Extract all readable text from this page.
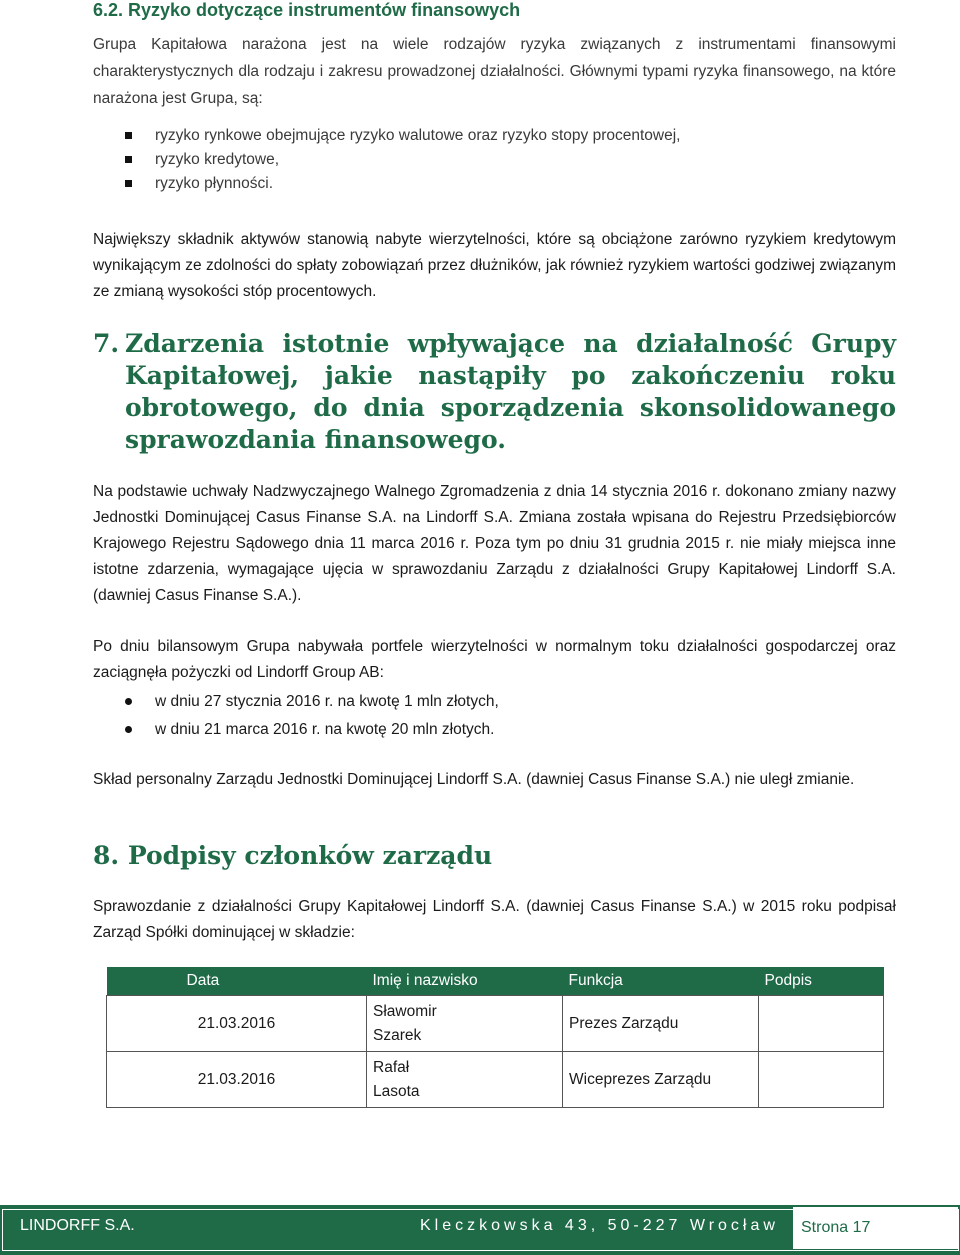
6.2. Ryzyko dotyczące instrumentów finansowych
Grupa Kapitałowa narażona jest na wiele rodzajów ryzyka związanych z instrumentami finansowymi charakterystycznych dla rodzaju i zakresu prowadzonej działalności. Głównymi typami ryzyka finansowego, na które narażona jest Grupa, są:
ryzyko rynkowe obejmujące ryzyko walutowe oraz ryzyko stopy procentowej,
ryzyko kredytowe,
ryzyko płynności.
Największy składnik aktywów stanowią nabyte wierzytelności, które są obciążone zarówno ryzykiem kredytowym wynikającym ze zdolności do spłaty zobowiązań przez dłużników, jak również ryzykiem wartości godziwej związanym ze zmianą wysokości stóp procentowych.
7. Zdarzenia istotnie wpływające na działalność Grupy Kapitałowej, jakie nastąpiły po zakończeniu roku obrotowego, do dnia sporządzenia skonsolidowanego sprawozdania finansowego.
Na podstawie uchwały Nadzwyczajnego Walnego Zgromadzenia z dnia 14 stycznia 2016 r. dokonano zmiany nazwy Jednostki Dominującej Casus Finanse S.A. na Lindorff S.A. Zmiana została wpisana do Rejestru Przedsiębiorców Krajowego Rejestru Sądowego dnia 11 marca 2016 r. Poza tym po dniu 31 grudnia 2015 r. nie miały miejsca inne istotne zdarzenia, wymagające ujęcia w sprawozdaniu Zarządu z działalności Grupy Kapitałowej Lindorff S.A. (dawniej Casus Finanse S.A.).
Po dniu bilansowym Grupa nabywała portfele wierzytelności w normalnym toku działalności gospodarczej oraz zaciągnęła pożyczki od Lindorff Group AB:
w dniu 27 stycznia 2016 r. na kwotę 1 mln złotych,
w dniu 21 marca 2016 r. na kwotę 20 mln złotych.
Skład personalny Zarządu Jednostki Dominującej Lindorff S.A. (dawniej Casus Finanse S.A.) nie uległ zmianie.
8. Podpisy członków zarządu
Sprawozdanie z działalności Grupy Kapitałowej Lindorff S.A. (dawniej Casus Finanse S.A.) w 2015 roku podpisał Zarząd Spółki dominującej w składzie:
Data	Imię i nazwisko	Funkcja	Podpis
21.03.2016	Sławomir Szarek	Prezes Zarządu	
21.03.2016	Rafał Lasota	Wiceprezes Zarządu	
LINDORFF S.A.	Kleczkowska 43, 50-227 Wrocław	Strona 17
